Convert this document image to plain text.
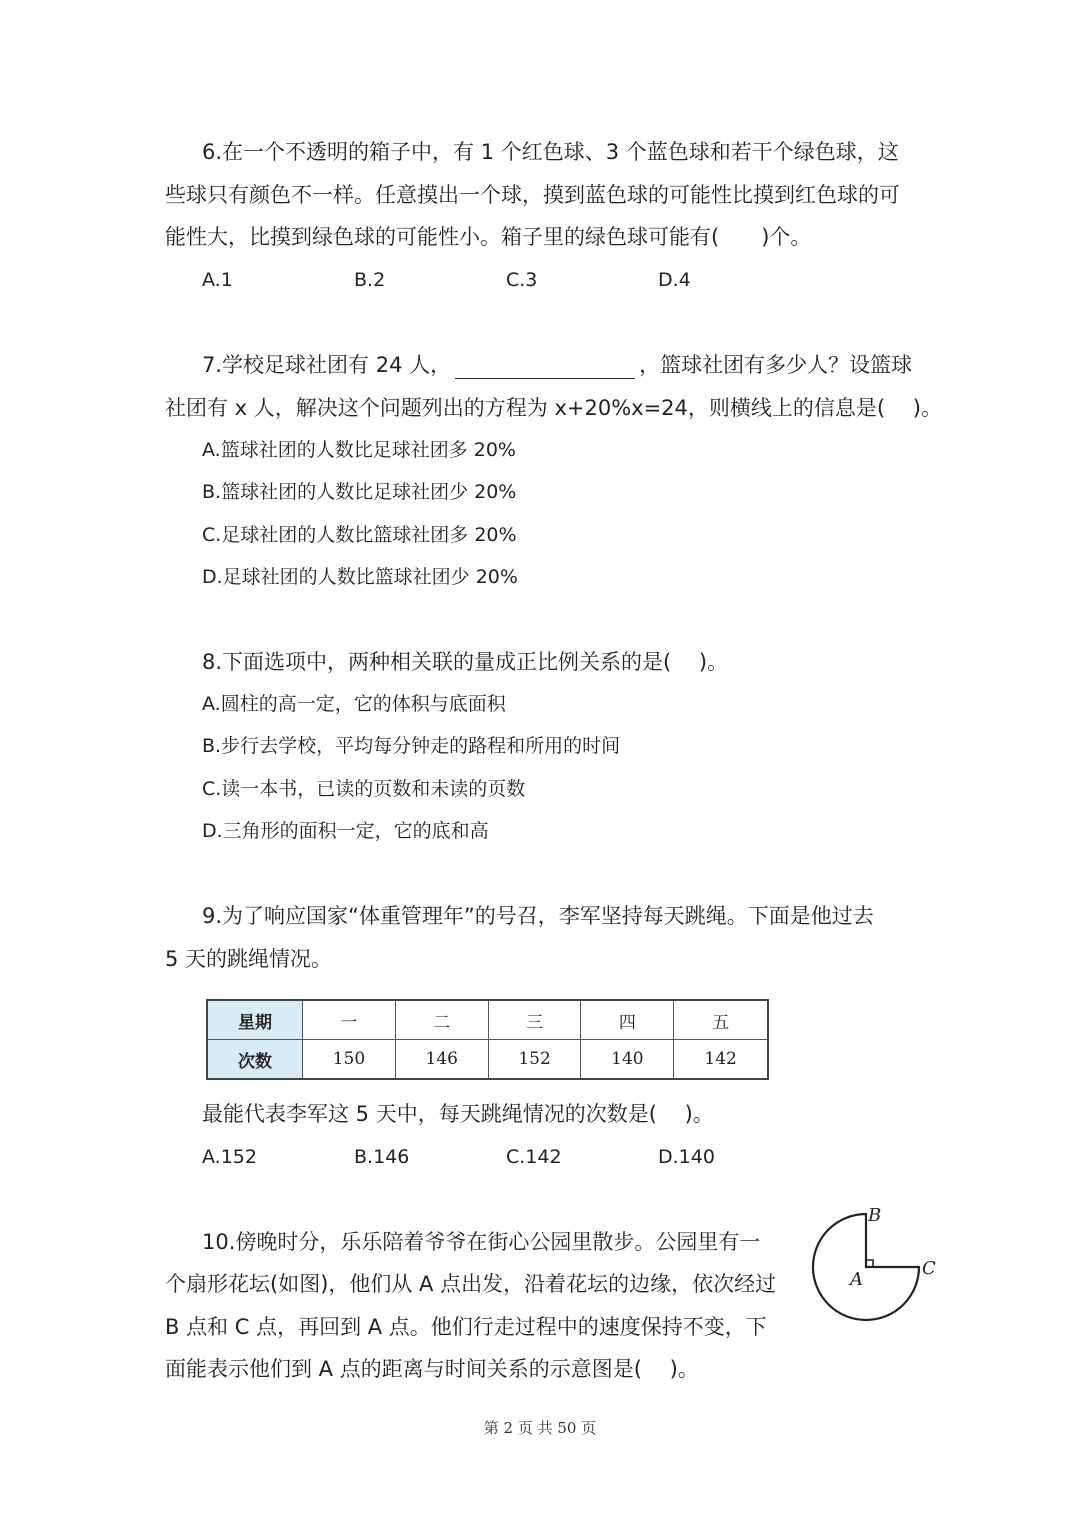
6.在一个不透明的箱子中，有 1 个红色球、3 个蓝色球和若干个绿色球，这
些球只有颜色不一样。任意摸出一个球，摸到蓝色球的可能性比摸到红色球的可
能性大，比摸到绿色球的可能性小。箱子里的绿色球可能有(　　)个。
A.1	B.2	C.3	D.4
7.学校足球社团有 24 人，	，篮球社团有多少人？设篮球
社团有 x 人，解决这个问题列出的方程为 x+20%x=24，则横线上的信息是(　 )。
A.篮球社团的人数比足球社团多 20%
B.篮球社团的人数比足球社团少 20%
C.足球社团的人数比篮球社团多 20%
D.足球社团的人数比篮球社团少 20%
8.下面选项中，两种相关联的量成正比例关系的是(　 )。
A.圆柱的高一定，它的体积与底面积
B.步行去学校，平均每分钟走的路程和所用的时间
C.读一本书，已读的页数和未读的页数
D.三角形的面积一定，它的底和高
9.为了响应国家“体重管理年”的号召，李军坚持每天跳绳。下面是他过去
5 天的跳绳情况。
星期	一	二	三	四	五
次数	150	146	152	140	142
最能代表李军这 5 天中，每天跳绳情况的次数是(　 )。
A.152	B.146	C.142	D.140
10.傍晚时分，乐乐陪着爷爷在街心公园里散步。公园里有一
个扇形花坛(如图)，他们从 A 点出发，沿着花坛的边缘，依次经过
B 点和 C 点，再回到 A 点。他们行走过程中的速度保持不变，下
面能表示他们到 A 点的距离与时间关系的示意图是(　 )。
B
A
C
第 2 页 共 50 页
